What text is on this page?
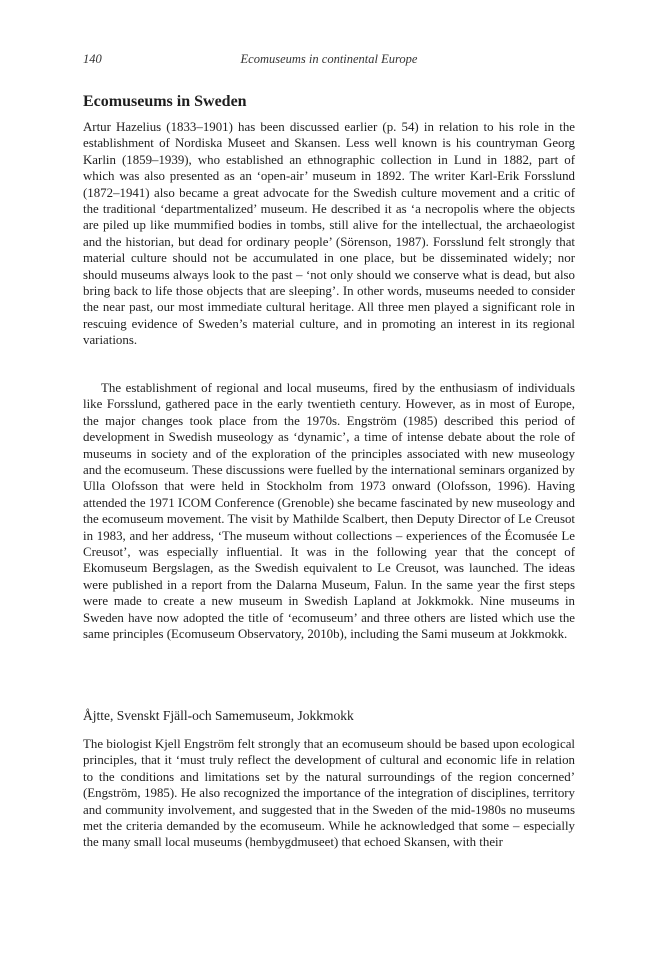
140	Ecomuseums in continental Europe
Ecomuseums in Sweden

Artur Hazelius (1833–1901) has been discussed earlier (p. 54) in relation to his role in the establishment of Nordiska Museet and Skansen. Less well known is his countryman Georg Karlin (1859–1939), who established an ethnographic collection in Lund in 1882, part of which was also presented as an ‘open-air’ museum in 1892. The writer Karl-Erik Forsslund (1872–1941) also became a great advocate for the Swedish culture movement and a critic of the traditional ‘departmentalized’ museum. He described it as ‘a necropolis where the objects are piled up like mummified bodies in tombs, still alive for the intellectual, the archaeologist and the historian, but dead for ordinary people’ (Sörenson, 1987). Forsslund felt strongly that material culture should not be accumulated in one place, but be disseminated widely; nor should museums always look to the past – ‘not only should we conserve what is dead, but also bring back to life those objects that are sleeping’. In other words, museums needed to consider the near past, our most immediate cultural heritage. All three men played a significant role in rescuing evidence of Sweden’s material culture, and in promoting an interest in its regional variations.

The establishment of regional and local museums, fired by the enthusiasm of individuals like Forsslund, gathered pace in the early twentieth century. However, as in most of Europe, the major changes took place from the 1970s. Engström (1985) described this period of development in Swedish museology as ‘dynamic’, a time of intense debate about the role of museums in society and of the exploration of the principles associated with new museology and the ecomuseum. These discussions were fuelled by the international seminars organized by Ulla Olofsson that were held in Stockholm from 1973 onward (Olofsson, 1996). Having attended the 1971 ICOM Conference (Grenoble) she became fascinated by new museology and the ecomuseum movement. The visit by Mathilde Scalbert, then Deputy Director of Le Creusot in 1983, and her address, ‘The museum without collections – experiences of the Écomusée Le Creusot’, was especially influential. It was in the following year that the concept of Ekomuseum Bergslagen, as the Swedish equivalent to Le Creusot, was launched. The ideas were published in a report from the Dalarna Museum, Falun. In the same year the first steps were made to create a new museum in Swedish Lapland at Jokkmokk. Nine museums in Sweden have now adopted the title of ‘ecomuseum’ and three others are listed which use the same principles (Ecomuseum Observatory, 2010b), including the Sami museum at Jokkmokk.

Åjtte, Svenskt Fjäll-och Samemuseum, Jokkmokk

The biologist Kjell Engström felt strongly that an ecomuseum should be based upon ecological principles, that it ‘must truly reflect the development of cultural and economic life in relation to the conditions and limitations set by the natural surroundings of the region concerned’ (Engström, 1985). He also recognized the importance of the integration of disciplines, territory and community involvement, and suggested that in the Sweden of the mid-1980s no museums met the criteria demanded by the ecomuseum. While he acknowledged that some – especially the many small local museums (hembygdmuseet) that echoed Skansen, with their
